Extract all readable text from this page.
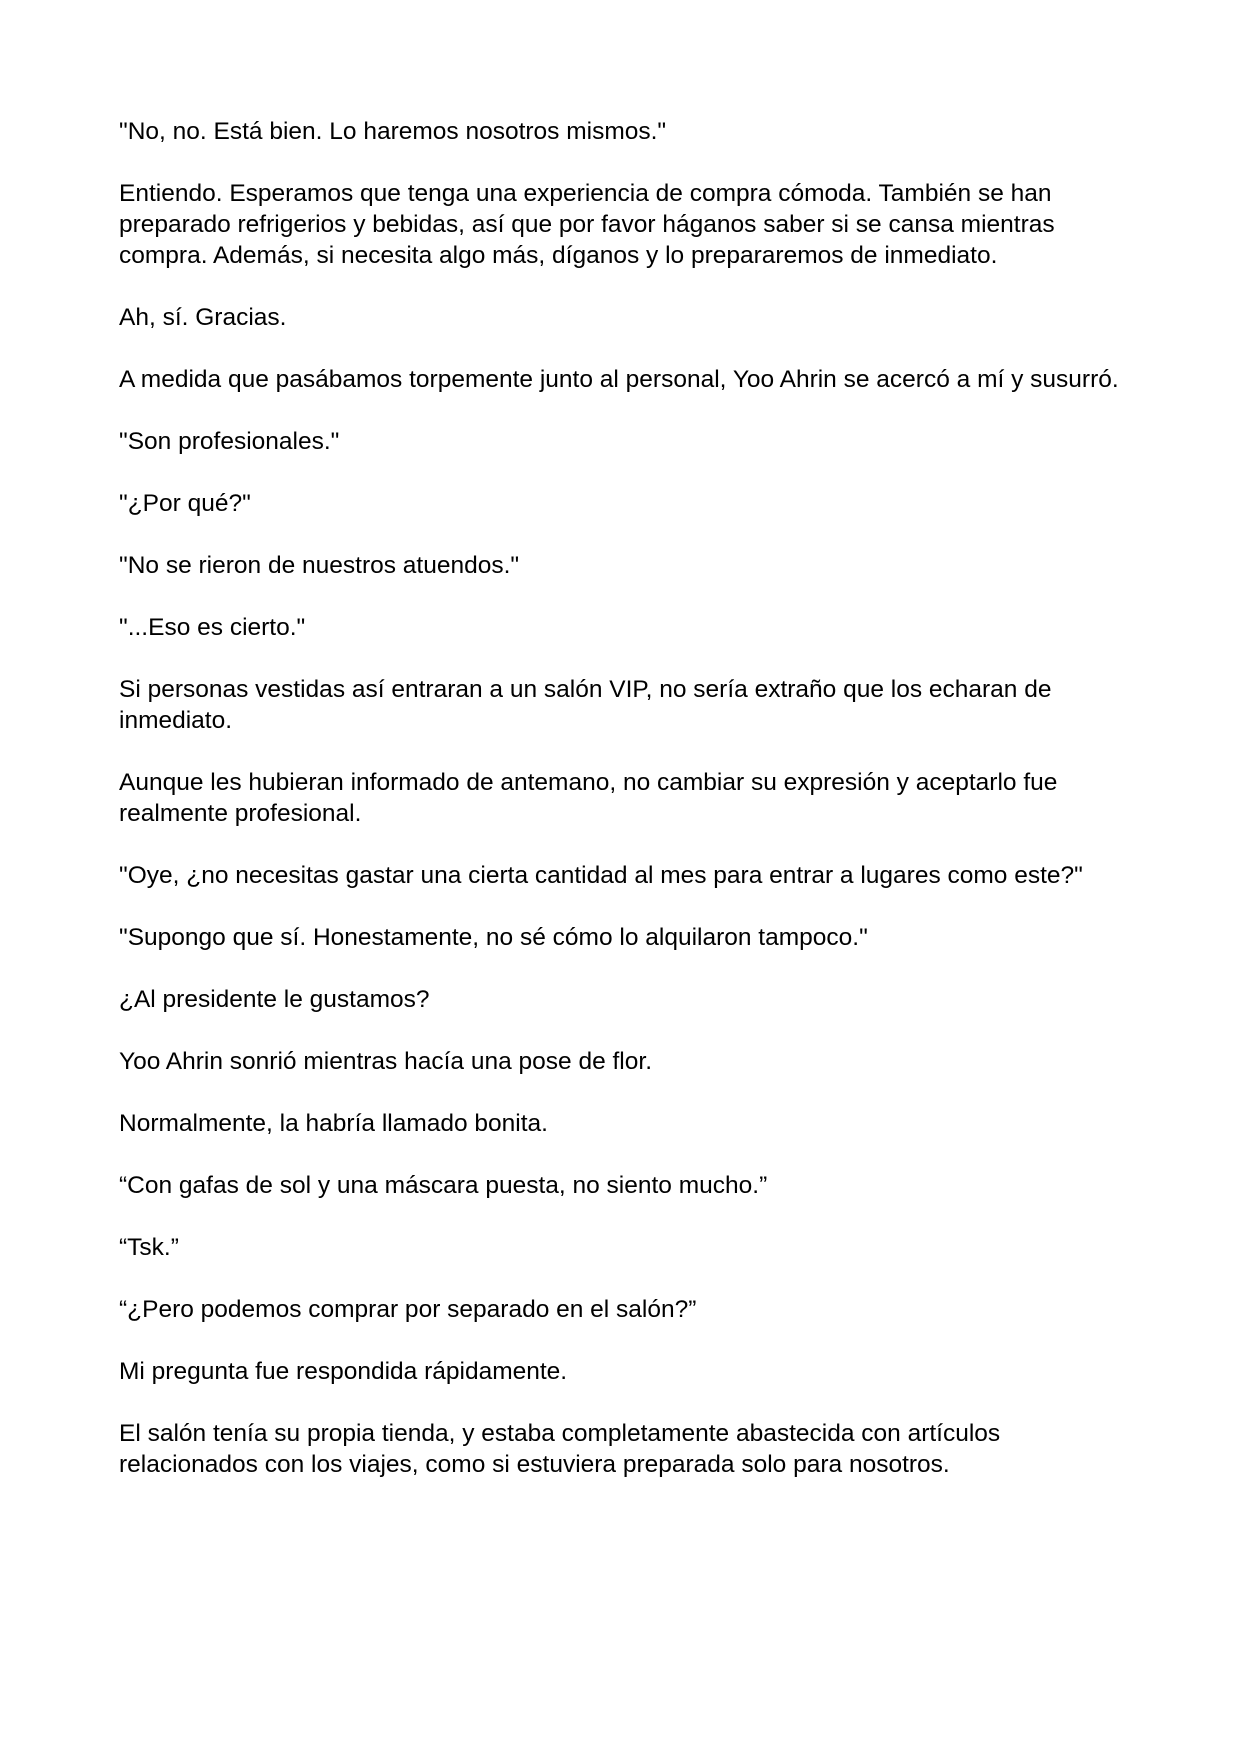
"No, no. Está bien. Lo haremos nosotros mismos."

Entiendo. Esperamos que tenga una experiencia de compra cómoda. También se han preparado refrigerios y bebidas, así que por favor háganos saber si se cansa mientras compra. Además, si necesita algo más, díganos y lo prepararemos de inmediato.

Ah, sí. Gracias.

A medida que pasábamos torpemente junto al personal, Yoo Ahrin se acercó a mí y susurró.

"Son profesionales."

"¿Por qué?"

"No se rieron de nuestros atuendos."

"...Eso es cierto."

Si personas vestidas así entraran a un salón VIP, no sería extraño que los echaran de inmediato.

Aunque les hubieran informado de antemano, no cambiar su expresión y aceptarlo fue realmente profesional.

"Oye, ¿no necesitas gastar una cierta cantidad al mes para entrar a lugares como este?"

"Supongo que sí. Honestamente, no sé cómo lo alquilaron tampoco."

¿Al presidente le gustamos?

Yoo Ahrin sonrió mientras hacía una pose de flor.

Normalmente, la habría llamado bonita.

“Con gafas de sol y una máscara puesta, no siento mucho.”

“Tsk.”

“¿Pero podemos comprar por separado en el salón?”

Mi pregunta fue respondida rápidamente.

El salón tenía su propia tienda, y estaba completamente abastecida con artículos relacionados con los viajes, como si estuviera preparada solo para nosotros.
